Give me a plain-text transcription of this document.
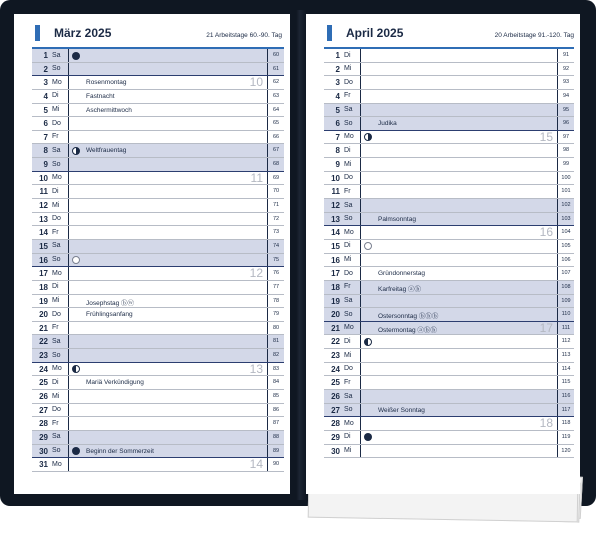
März 2025	21 Arbeitstage 60.-90. Tag
1 Sa	60
2 So	61
3 Mo	Rosenmontag	10	62
4 Di	Fastnacht	63
5 Mi	Aschermittwoch	64
6 Do	65
7 Fr	66
8 Sa	Weltfrauentag	67
9 So	68
10 Mo	11	69
11 Di	70
12 Mi	71
13 Do	72
14 Fr	73
15 Sa	74
16 So	75
17 Mo	12	76
18 Di	77
19 Mi	Josephstag ⓑⓦ	78
20 Do	Frühlingsanfang	79
21 Fr	80
22 Sa	81
23 So	82
24 Mo	13	83
25 Di	Mariä Verkündigung	84
26 Mi	85
27 Do	86
28 Fr	87
29 Sa	88
30 So	Beginn der Sommerzeit	89
31 Mo	14	90
April 2025	20 Arbeitstage 91.-120. Tag
1 Di	91
2 Mi	92
3 Do	93
4 Fr	94
5 Sa	95
6 So	Judika	96
7 Mo	15	97
8 Di	98
9 Mi	99
10 Do	100
11 Fr	101
12 Sa	102
13 So	Palmsonntag	103
14 Mo	16	104
15 Di	105
16 Mi	106
17 Do	Gründonnerstag	107
18 Fr	Karfreitag ⓐⓑ	108
19 Sa	109
20 So	Ostersonntag ⓑⓑⓑ	110
21 Mo	Ostermontag ⓐⓑⓑ	17	111
22 Di	112
23 Mi	113
24 Do	114
25 Fr	115
26 Sa	116
27 So	Weißer Sonntag	117
28 Mo	18	118
29 Di	119
30 Mi	120
